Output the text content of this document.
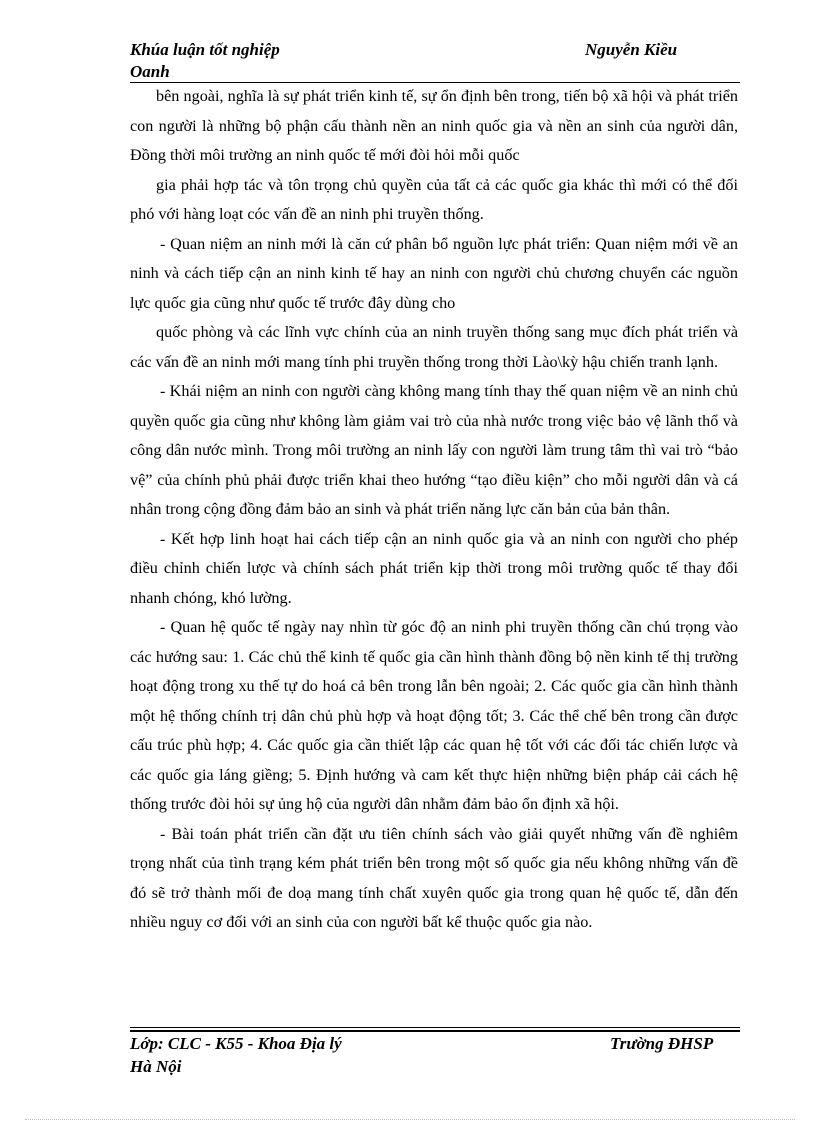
Khúa luận tốt nghiệp	Nguyễn Kiều
Oanh

bên ngoài, nghĩa là sự phát triển kinh tế, sự ổn định bên trong, tiến bộ xã hội và phát triển con người là những bộ phận cấu thành nền an ninh quốc gia và nền an sinh của người dân, Đồng thời môi trường an ninh quốc tế mới đòi hỏi mỗi quốc

gia phải hợp tác và tôn trọng chủ quyền của tất cả các quốc gia khác thì mới có thể đối phó với hàng loạt cóc vấn đề an ninh phi truyền thống.

- Quan niệm an ninh mới là căn cứ phân bổ nguồn lực phát triển: Quan niệm mới về an ninh và cách tiếp cận an ninh kinh tế hay an ninh con người chủ chương chuyển các nguồn lực quốc gia cũng như quốc tế trước đây dùng cho

quốc phòng và các lĩnh vực chính của an ninh truyền thống sang mục đích phát triển và các vấn đề an ninh mới mang tính phi truyền thống trong thời Lào\kỳ hậu chiến tranh lạnh.

- Khái niệm an ninh con người càng không mang tính thay thế quan niệm về an ninh chủ quyền quốc gia cũng như không làm giảm vai trò của nhà nước trong việc bảo vệ lãnh thổ và công dân nước mình. Trong môi trường an ninh lấy con người làm trung tâm thì vai trò “bảo vệ” của chính phủ phải được triển khai theo hướng “tạo điều kiện” cho mỗi người dân và cá nhân trong cộng đồng đảm bảo an sinh và phát triển năng lực căn bản của bản thân.

- Kết hợp linh hoạt hai cách tiếp cận an ninh quốc gia và an ninh con người cho phép điều chỉnh chiến lược và chính sách phát triển kịp thời trong môi trường quốc tế thay đổi nhanh chóng, khó lường.

- Quan hệ quốc tế ngày nay nhìn từ góc độ an ninh phi truyền thống cần chú trọng vào các hướng sau: 1. Các chủ thể kinh tế quốc gia cần hình thành đồng bộ nền kinh tế thị trường hoạt động trong xu thế tự do hoá cả bên trong lẫn bên ngoài; 2. Các quốc gia cần hình thành một hệ thống chính trị dân chủ phù hợp và hoạt động tốt; 3. Các thể chế bên trong cần được cấu trúc phù hợp; 4. Các quốc gia cần thiết lập các quan hệ tốt với các đối tác chiến lược và các quốc gia láng giềng; 5. Định hướng và cam kết thực hiện những biện pháp cải cách hệ thống trước đòi hỏi sự ủng hộ của người dân nhằm đảm bảo ổn định xã hội.

- Bài toán phát triển cần đặt ưu tiên chính sách vào giải quyết những vấn đề nghiêm trọng nhất của tình trạng kém phát triển bên trong một số quốc gia nếu không những vấn đề đó sẽ trở thành mối đe doạ mang tính chất xuyên quốc gia trong quan hệ quốc tế, dẫn đến nhiều nguy cơ đối với an sinh của con người bất kể thuộc quốc gia nào.

Lớp: CLC - K55 - Khoa Địa lý	Trường ĐHSP
Hà Nội
